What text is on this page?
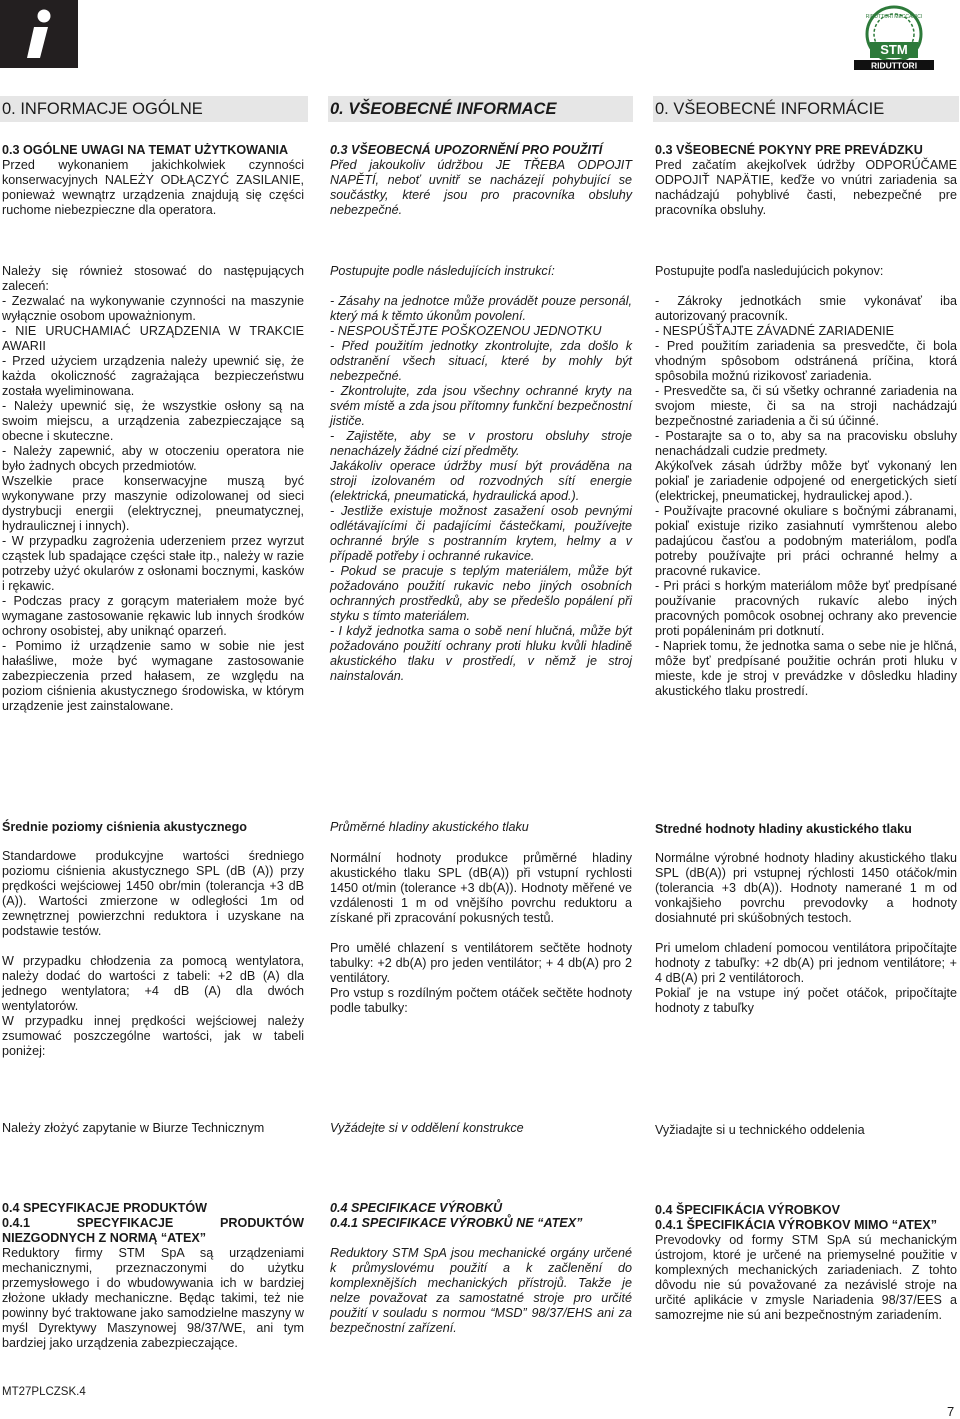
STM
RIDUTTORI
RIDUTTORI MECCANICI
0. INFORMACJE OGÓLNE	0. VŠEOBECNÉ INFORMACE	0. VŠEOBECNÉ INFORMÁCIE
0.3 OGÓLNE UWAGI NA TEMAT UŻYTKOWANIA
Przed wykonaniem jakichkolwiek czynności konserwacyjnych NALEŻY ODŁĄCZYĆ ZASILANIE, ponieważ wewnątrz urządzenia znajdują się części ruchome niebezpieczne dla operatora.
0.3 VŠEOBECNÁ UPOZORNĚNÍ PRO POUŽITÍ
Před jakoukoliv údržbou JE TŘEBA ODPOJIT NAPĚTÍ, neboť uvnitř se nacházejí pohybující se součástky, které jsou pro pracovníka obsluhy nebezpečné.
0.3 VŠEOBECNÉ POKYNY PRE PREVÁDZKU
Pred začatím akejkoľvek údržby ODPORÚČAME ODPOJIŤ NAPÄTIE, keďže vo vnútri zariadenia sa nachádzajú pohyblivé časti, nebezpečné pre pracovníka obsluhy.
Należy się również stosować do następujących zaleceń:
- Zezwalać na wykonywanie czynności na maszynie wyłącznie osobom upoważnionym.
- NIE URUCHAMIAĆ URZĄDZENIA W TRAKCIE AWARII
- Przed użyciem urządzenia należy upewnić się, że każda okoliczność zagrażająca bezpieczeństwu została wyeliminowana.
- Należy upewnić się, że wszystkie osłony są na swoim miejscu, a urządzenia zabezpieczające są obecne i skuteczne.
- Należy zapewnić, aby w otoczeniu operatora nie było żadnych obcych przedmiotów.
Wszelkie prace konserwacyjne muszą być wykonywane przy maszynie odizolowanej od sieci dystrybucji energii (elektrycznej, pneumatycznej, hydraulicznej i innych).
- W przypadku zagrożenia uderzeniem przez wyrzut cząstek lub spadające części stałe itp., należy w razie potrzeby użyć okularów z osłonami bocznymi, kasków i rękawic.
- Podczas pracy z gorącym materiałem może być wymagane zastosowanie rękawic lub innych środków ochrony osobistej, aby uniknąć oparzeń.
- Pomimo iż urządzenie samo w sobie nie jest hałaśliwe, może być wymagane zastosowanie zabezpieczenia przed hałasem, ze względu na poziom ciśnienia akustycznego środowiska, w którym urządzenie jest zainstalowane.
Postupujte podle následujících instrukcí:
- Zásahy na jednotce může provádět pouze personál, který má k těmto úkonům povolení.
- NESPOUŠTĚJTE POŠKOZENOU JEDNOTKU
- Před použitím jednotky zkontrolujte, zda došlo k odstranění všech situací, které by mohly být nebezpečné.
- Zkontrolujte, zda jsou všechny ochranné kryty na svém místě a zda jsou přítomny funkční bezpečnostní jističe.
- Zajistěte, aby se v prostoru obsluhy stroje nenacházely žádné cizí předměty.
Jakákoliv operace údržby musí být prováděna na stroji izolovaném od rozvodných sítí energie (elektrická, pneumatická, hydraulická apod.).
- Jestliže existuje možnost zasažení osob pevnými odlétávajícími či padajícími částečkami, používejte ochranné brýle s postranním krytem, helmy a v případě potřeby i ochranné rukavice.
- Pokud se pracuje s teplým materiálem, může být požadováno použití rukavic nebo jiných osobních ochranných prostředků, aby se předešlo popálení při styku s tímto materiálem.
- I když jednotka sama o sobě není hlučná, může být požadováno použití ochrany proti hluku kvůli hladině akustického tlaku v prostředí, v němž je stroj nainstalován.
Postupujte podľa nasledujúcich pokynov:
- Zákroky jednotkách smie vykonávať iba autorizovaný pracovník.
- NESPÚŠŤAJTE ZÁVADNÉ ZARIADENIE
- Pred použitím zariadenia sa presvedčte, či bola vhodným spôsobom odstránená príčina, ktorá spôsobila možnú rizikovosť zariadenia.
- Presvedčte sa, či sú všetky ochranné zariadenia na svojom mieste, či sa na stroji nachádzajú bezpečnostné zariadenia a či sú účinné.
- Postarajte sa o to, aby sa na pracovisku obsluhy nenachádzali cudzie predmety.
Akýkoľvek zásah údržby môže byť vykonaný len pokiaľ je zariadenie odpojené od energetických sietí (elektrickej, pneumatickej, hydraulickej apod.).
- Používajte pracovné okuliare s bočnými zábranami, pokiaľ existuje riziko zasiahnutí vymrštenou alebo padajúcou časťou a podobným materiálom, podľa potreby používajte pri práci ochranné helmy a pracovné rukavice.
- Pri práci s horkým materiálom môže byť predpísané používanie pracovných rukavíc alebo iných pracovných pomôcok osobnej ochrany ako prevencie proti popáleninám pri dotknutí.
- Napriek tomu, že jednotka sama o sebe nie je hlčná, môže byť predpísané použitie ochrán proti hluku v mieste, kde je stroj v prevádzke v dôsledku hladiny akustického tlaku prostredí.
Średnie poziomy ciśnienia akustycznego
Standardowe produkcyjne wartości średniego poziomu ciśnienia akustycznego SPL (dB (A)) przy prędkości wejściowej 1450 obr/min (tolerancja +3 dB (A)). Wartości zmierzone w odległości 1m od zewnętrznej powierzchni reduktora i uzyskane na podstawie testów.
W przypadku chłodzenia za pomocą wentylatora, należy dodać do wartości z tabeli: +2 dB (A) dla jednego wentylatora; +4 dB (A) dla dwóch wentylatorów.
W przypadku innej prędkości wejściowej należy zsumować poszczególne wartości, jak w tabeli poniżej:
Průměrné hladiny akustického tlaku
Normální hodnoty produkce průměrné hladiny akustického tlaku SPL (dB(A)) při vstupní rychlosti 1450 ot/min (tolerance +3 db(A)). Hodnoty měřené ve vzdálenosti 1 m od vnějšího povrchu reduktoru a získané při zpracování pokusných testů.
Pro umělé chlazení s ventilátorem sečtěte hodnoty tabulky: +2 db(A) pro jeden ventilátor; + 4 db(A) pro 2 ventilátory.
Pro vstup s rozdílným počtem otáček sečtěte hodnoty podle tabulky:
Stredné hodnoty hladiny akustického tlaku
Normálne výrobné hodnoty hladiny akustického tlaku SPL (dB(A)) pri vstupnej rýchlosti 1450 otáčok/min (tolerancia +3 db(A)). Hodnoty namerané 1 m od vonkajšieho povrchu prevodovky a hodnoty dosiahnuté pri skúšobných testoch.
Pri umelom chladení pomocou ventilátora pripočítajte hodnoty z tabuľky: +2 db(A) pri jednom ventilátore; + 4 dB(A) pri 2 ventilátoroch.
Pokiaľ je na vstupe iný počet otáčok, pripočítajte hodnoty z tabuľky
Należy złożyć zapytanie w Biurze Technicznym	Vyžádejte si v oddělení konstrukce	Vyžiadajte si u technického oddelenia
0.4 SPECYFIKACJE PRODUKTÓW
0.4.1 SPECYFIKACJE PRODUKTÓW NIEZGODNYCH Z NORMĄ “ATEX”
Reduktory firmy STM SpA są urządzeniami mechanicznymi, przeznaczonymi do użytku przemysłowego i do wbudowywania ich w bardziej złożone układy mechaniczne. Będąc takimi, też nie powinny być traktowane jako samodzielne maszyny w myśl Dyrektywy Maszynowej 98/37/WE, ani tym bardziej jako urządzenia zabezpieczające.
0.4 SPECIFIKACE VÝROBKŮ
0.4.1 SPECIFIKACE VÝROBKŮ NE “ATEX”
Reduktory STM SpA jsou mechanické orgány určené k průmyslovému použití a k začlenění do komplexnějších mechanických přístrojů. Takže je nelze považovat za samostatné stroje pro určité použití v souladu s normou “MSD” 98/37/EHS ani za bezpečnostní zařízení.
0.4 ŠPECIFIKÁCIA VÝROBKOV
0.4.1 ŠPECIFIKÁCIA VÝROBKOV MIMO “ATEX”
Prevodovky od formy STM SpA sú mechanickým ústrojom, ktoré je určené na priemyselné použitie v komplexných mechanických zariadeniach. Z tohto dôvodu nie sú považované za nezávislé stroje na určité aplikácie v zmysle Nariadenia 98/37/EES a samozrejme nie sú ani bezpečnostným zariadením.
MT27PLCZSK.4
7
